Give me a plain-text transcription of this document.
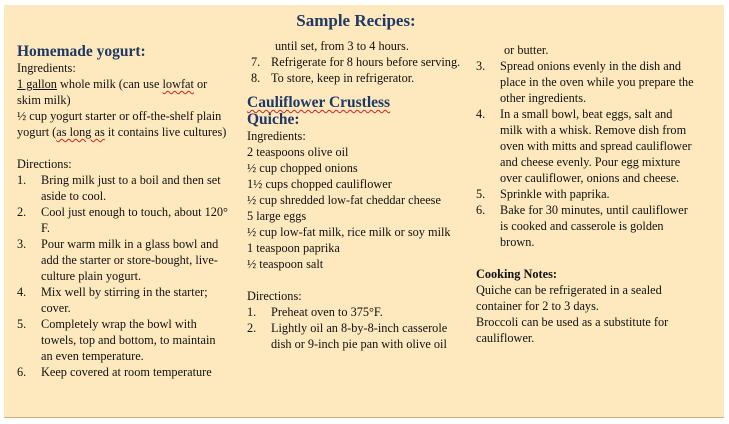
Sample Recipes:
Homemade yogurt:
Ingredients:
1 gallon whole milk (can use lowfat or skim milk)
½ cup yogurt starter or off-the-shelf plain yogurt (as long as it contains live cultures)
Directions:
1. Bring milk just to a boil and then set aside to cool.
2. Cool just enough to touch, about 120° F.
3. Pour warm milk in a glass bowl and add the starter or store-bought, live-culture plain yogurt.
4. Mix well by stirring in the starter; cover.
5. Completely wrap the bowl with towels, top and bottom, to maintain an even temperature.
6. Keep covered at room temperature
until set, from 3 to 4 hours.
7. Refrigerate for 8 hours before serving.
8. To store, keep in refrigerator.
Cauliflower Crustless
Quiche:
Ingredients:
2 teaspoons olive oil
½ cup chopped onions
1½ cups chopped cauliflower
½ cup shredded low-fat cheddar cheese
5 large eggs
½ cup low-fat milk, rice milk or soy milk
1 teaspoon paprika
½ teaspoon salt
Directions:
1. Preheat oven to 375°F.
2. Lightly oil an 8-by-8-inch casserole dish or 9-inch pie pan with olive oil
or butter.
3. Spread onions evenly in the dish and place in the oven while you prepare the other ingredients.
4. In a small bowl, beat eggs, salt and milk with a whisk. Remove dish from oven with mitts and spread cauliflower and cheese evenly. Pour egg mixture over cauliflower, onions and cheese.
5. Sprinkle with paprika.
6. Bake for 30 minutes, until cauliflower is cooked and casserole is golden brown.
Cooking Notes:
Quiche can be refrigerated in a sealed container for 2 to 3 days.
Broccoli can be used as a substitute for cauliflower.
